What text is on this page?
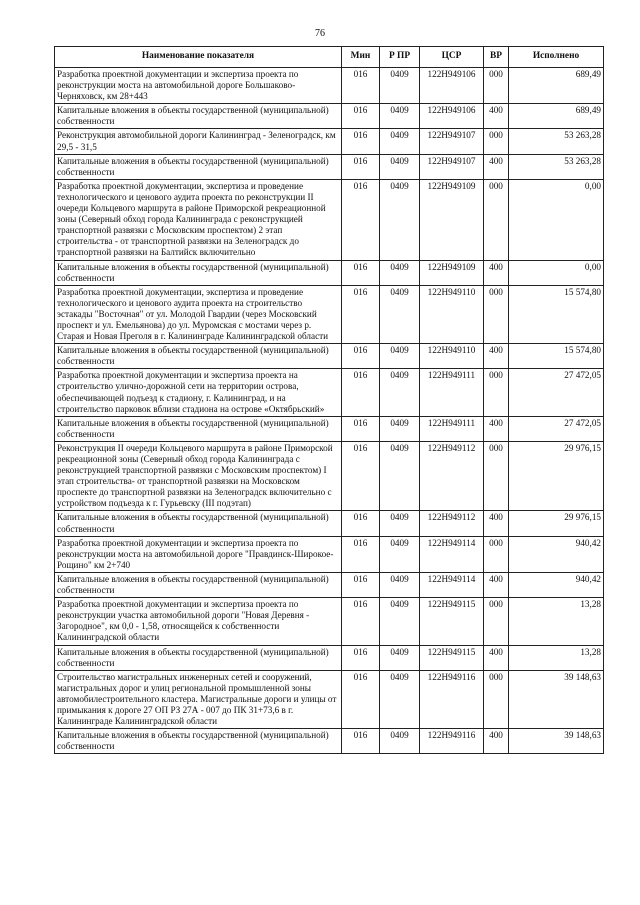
76
Наименование показателя	Мин	Р ПР	ЦСР	ВР	Исполнено
Разработка проектной документации и экспертиза проекта по реконструкции моста на автомобильной дороге Большаково-Черняховск, км 28+443	016	0409	122Н949106	000	689,49
Капитальные вложения в объекты государственной (муниципальной) собственности	016	0409	122Н949106	400	689,49
Реконструкция автомобильной дороги Калининград - Зеленоградск, км 29,5 - 31,5	016	0409	122Н949107	000	53 263,28
Капитальные вложения в объекты государственной (муниципальной) собственности	016	0409	122Н949107	400	53 263,28
Разработка проектной документации, экспертиза и проведение технологического и ценового аудита проекта по реконструкции II очереди Кольцевого маршрута в районе Приморской рекреационной зоны (Северный обход города Калининграда с реконструкцией транспортной развязки с Московским проспектом) 2 этап строительства - от транспортной развязки на Зеленоградск до транспортной развязки на Балтийск включительно	016	0409	122Н949109	000	0,00
Капитальные вложения в объекты государственной (муниципальной) собственности	016	0409	122Н949109	400	0,00
Разработка проектной документации, экспертиза и проведение технологического и ценового аудита проекта на строительство эстакады "Восточная" от ул. Молодой Гвардии (через Московский проспект и ул. Емельянова) до ул. Муромская с мостами через р. Старая и Новая Преголя в г. Калининграде Калининградской области	016	0409	122Н949110	000	15 574,80
Капитальные вложения в объекты государственной (муниципальной) собственности	016	0409	122Н949110	400	15 574,80
Разработка проектной документации и экспертиза проекта на строительство улично-дорожной сети на территории острова, обеспечивающей подъезд к стадиону, г. Калининград, и на строительство парковок вблизи стадиона на острове «Октябрьский»	016	0409	122Н949111	000	27 472,05
Капитальные вложения в объекты государственной (муниципальной) собственности	016	0409	122Н949111	400	27 472,05
Реконструкция II очереди Кольцевого маршрута в районе Приморской рекреационной зоны (Северный обход города Калининграда с реконструкцией транспортной развязки с Московским проспектом) I этап строительства- от транспортной развязки на Московском проспекте до транспортной развязки на Зеленоградск включительно с устройством подъезда к г. Гурьевску (III подэтап)	016	0409	122Н949112	000	29 976,15
Капитальные вложения в объекты государственной (муниципальной) собственности	016	0409	122Н949112	400	29 976,15
Разработка проектной документации и экспертиза проекта по реконструкции моста на автомобильной дороге "Правдинск-Широкое-Рощино" км 2+740	016	0409	122Н949114	000	940,42
Капитальные вложения в объекты государственной (муниципальной) собственности	016	0409	122Н949114	400	940,42
Разработка проектной документации и экспертиза проекта по реконструкции участка автомобильной дороги "Новая Деревня - Загородное", км 0,0 - 1,58, относящейся к собственности Калининградской области	016	0409	122Н949115	000	13,28
Капитальные вложения в объекты государственной (муниципальной) собственности	016	0409	122Н949115	400	13,28
Строительство магистральных инженерных сетей и сооружений, магистральных дорог и улиц региональной промышленной зоны автомобилестроительного кластера. Магистральные дороги и улицы от примыкания к дороге 27 ОП РЗ 27А - 007 до ПК 31+73,6 в г. Калининграде Калининградской области	016	0409	122Н949116	000	39 148,63
Капитальные вложения в объекты государственной (муниципальной) собственности	016	0409	122Н949116	400	39 148,63
